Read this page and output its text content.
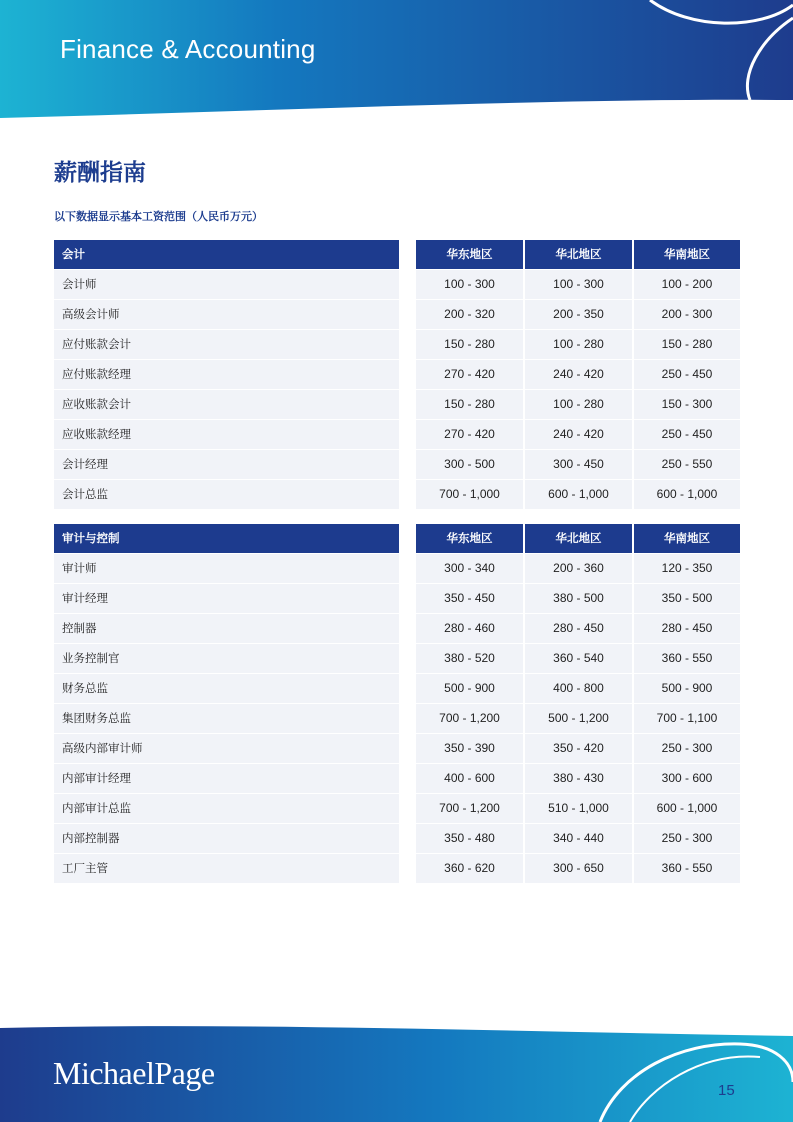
Finance & Accounting
薪酬指南
以下数据显示基本工资范围（人民币万元）
会计	华东地区	华北地区	华南地区
会计师	100 - 300	100 - 300	100 - 200
高级会计师	200 - 320	200 - 350	200 - 300
应付账款会计	150 - 280	100 - 280	150 - 280
应付账款经理	270 - 420	240 - 420	250 - 450
应收账款会计	150 - 280	100 - 280	150 - 300
应收账款经理	270 - 420	240 - 420	250 - 450
会计经理	300 - 500	300 - 450	250 - 550
会计总监	700 - 1,000	600 - 1,000	600 - 1,000
审计与控制	华东地区	华北地区	华南地区
审计师	300 - 340	200 - 360	120 - 350
审计经理	350 - 450	380 - 500	350 - 500
控制器	280 - 460	280 - 450	280 - 450
业务控制官	380 - 520	360 - 540	360 - 550
财务总监	500 - 900	400 - 800	500 - 900
集团财务总监	700 - 1,200	500 - 1,200	700 - 1,100
高级内部审计师	350 - 390	350 - 420	250 - 300
内部审计经理	400 - 600	380 - 430	300 - 600
内部审计总监	700 - 1,200	510 - 1,000	600 - 1,000
内部控制器	350 - 480	340 - 440	250 - 300
工厂主管	360 - 620	300 - 650	360 - 550
MichaelPage	15
